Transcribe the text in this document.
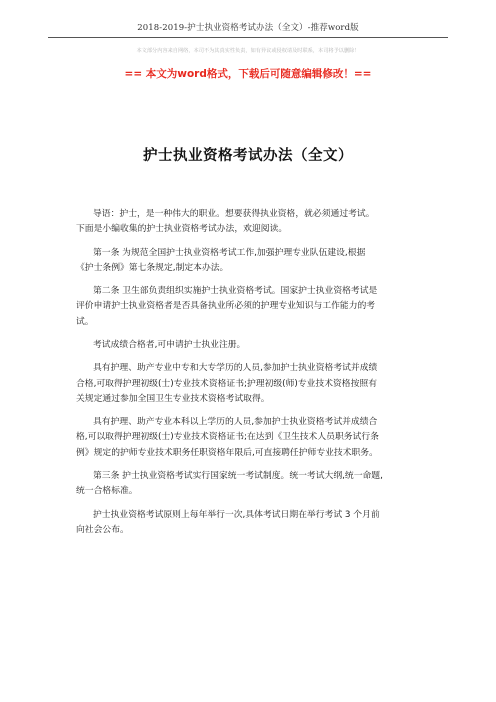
2018-2019-护士执业资格考试办法（全文）-推荐word版
本文部分内容来自网络，本司不为其真实性负责，如有异议或侵权请及时联系，本司将予以删除！
== 本文为word格式，下载后可随意编辑修改！==
护士执业资格考试办法（全文）
导语：护士，是一种伟大的职业。想要获得执业资格，就必须通过考试。
下面是小编收集的护士执业资格考试办法，欢迎阅读。
第一条 为规范全国护士执业资格考试工作,加强护理专业队伍建设,根据
《护士条例》第七条规定,制定本办法。
第二条 卫生部负责组织实施护士执业资格考试。国家护士执业资格考试是
评价申请护士执业资格者是否具备执业所必须的护理专业知识与工作能力的考
试。
考试成绩合格者,可申请护士执业注册。
具有护理、助产专业中专和大专学历的人员,参加护士执业资格考试并成绩
合格,可取得护理初级(士)专业技术资格证书;护理初级(师)专业技术资格按照有
关规定通过参加全国卫生专业技术资格考试取得。
具有护理、助产专业本科以上学历的人员,参加护士执业资格考试并成绩合
格,可以取得护理初级(士)专业技术资格证书;在达到《卫生技术人员职务试行条
例》规定的护师专业技术职务任职资格年限后,可直接聘任护师专业技术职务。
第三条 护士执业资格考试实行国家统一考试制度。统一考试大纲,统一命题,
统一合格标准。
护士执业资格考试原则上每年举行一次,具体考试日期在举行考试 3 个月前
向社会公布。
